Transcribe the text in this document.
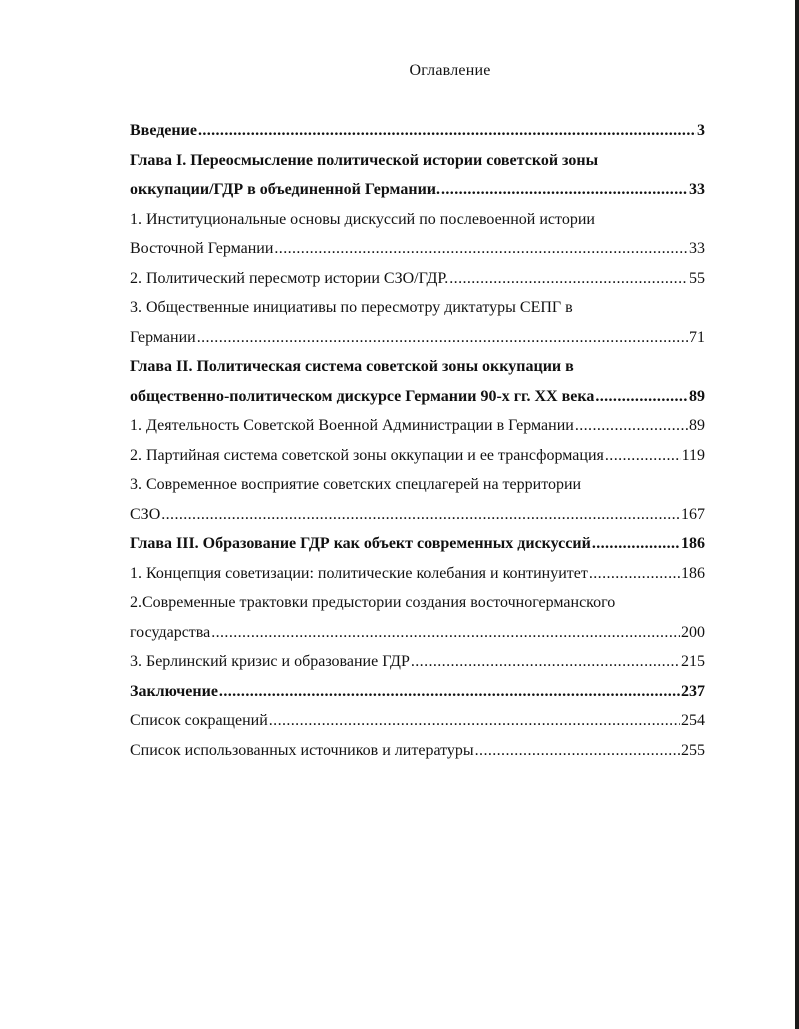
Оглавление
Введение .....	3
Глава I. Переосмысление политической истории советской зоны
оккупации/ГДР в объединенной Германии. .....	33
1. Институциональные основы дискуссий по послевоенной истории
Восточной Германии .....	33
2. Политический пересмотр истории СЗО/ГДР. .....	55
3. Общественные инициативы по пересмотру диктатуры СЕПГ в
Германии .....	71
Глава II. Политическая система советской зоны оккупации в
общественно-политическом дискурсе Германии 90-х гг. XX века .....	89
1. Деятельность Советской Военной Администрации в Германии .....	89
2. Партийная система советской зоны оккупации и ее трансформация .....	119
3. Современное восприятие советских спецлагерей на территории
СЗО .....	167
Глава III. Образование ГДР как объект современных дискуссий .....	186
1. Концепция советизации: политические колебания и континуитет .....	186
2.Современные трактовки предыстории создания восточногерманского
государства .....	200
3. Берлинский кризис и образование ГДР .....	215
Заключение .....	237
Список сокращений .....	254
Список использованных источников и литературы .....	255
